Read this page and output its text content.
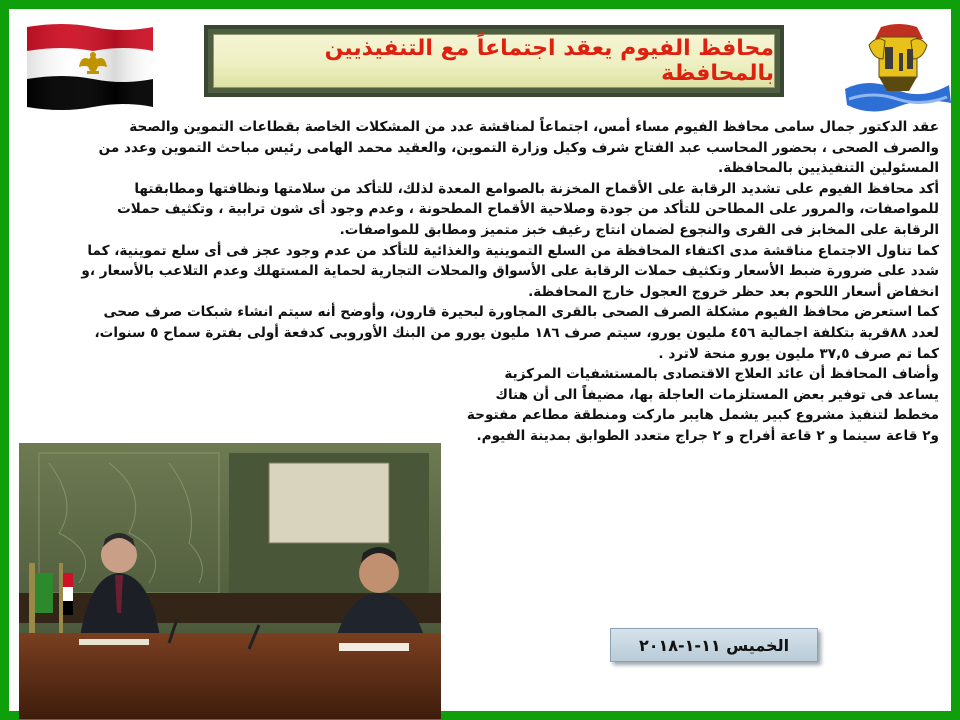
محافظ الفيوم يعقد اجتماعاً مع التنفيذيين بالمحافظة

عقد الدكتور جمال سامى محافظ الفيوم مساء أمس، اجتماعاً لمناقشة عدد من المشكلات الخاصة بقطاعات التموين والصحة والصرف الصحى ، بحضور المحاسب عبد الفتاح شرف وكيل وزارة التموين، والعقيد محمد الهامى رئيس مباحث التموين وعدد من المسئولين التنفيذيين بالمحافظة.

أكد محافظ الفيوم على تشديد الرقابة على الأقماح المخزنة بالصوامع المعدة لذلك، للتأكد من سلامتها ونظافتها ومطابقتها للمواصفات، والمرور على المطاحن للتأكد من جودة وصلاحية الأقماح المطحونة ، وعدم وجود أى شون ترابية ، وتكثيف حملات الرقابة على المخابز فى القرى والنجوع لضمان انتاج رغيف خبز متميز ومطابق للمواصفات.

كما تناول الاجتماع مناقشة مدى اكتفاء المحافظة من السلع التموينية والغذائية للتأكد من عدم وجود عجز فى أى سلع تموينية، كما شدد على ضرورة ضبط الأسعار وتكثيف حملات الرقابة على الأسواق والمحلات التجارية لحماية المستهلك وعدم التلاعب بالأسعار ،و انخفاض أسعار اللحوم بعد حظر خروج العجول خارج المحافظة.

كما استعرض محافظ الفيوم مشكلة الصرف الصحى بالقرى المجاورة لبحيرة قارون، وأوضح أنه سيتم انشاء شبكات صرف صحى لعدد ٨٨قرية بتكلفة اجمالية ٤٥٦ مليون يورو، سيتم صرف ١٨٦ مليون يورو من البنك الأوروبى كدفعة أولى بفترة سماح ٥ سنوات، كما تم صرف ٣٧,٥ مليون يورو منحة لاترد .

وأضاف المحافظ أن عائد العلاج الاقتصادى بالمستشفيات المركزية

يساعد فى توفير بعض المستلزمات العاجلة بها، مضيفاً الى أن هناك

مخطط لتنفيذ مشروع كبير يشمل هايبر ماركت ومنطقة مطاعم مفتوحة

و٢ قاعة سينما و ٢ قاعة أفراح و ٢ جراج متعدد الطوابق بمدينة الفيوم.

الخميس ١١-١-٢٠١٨
